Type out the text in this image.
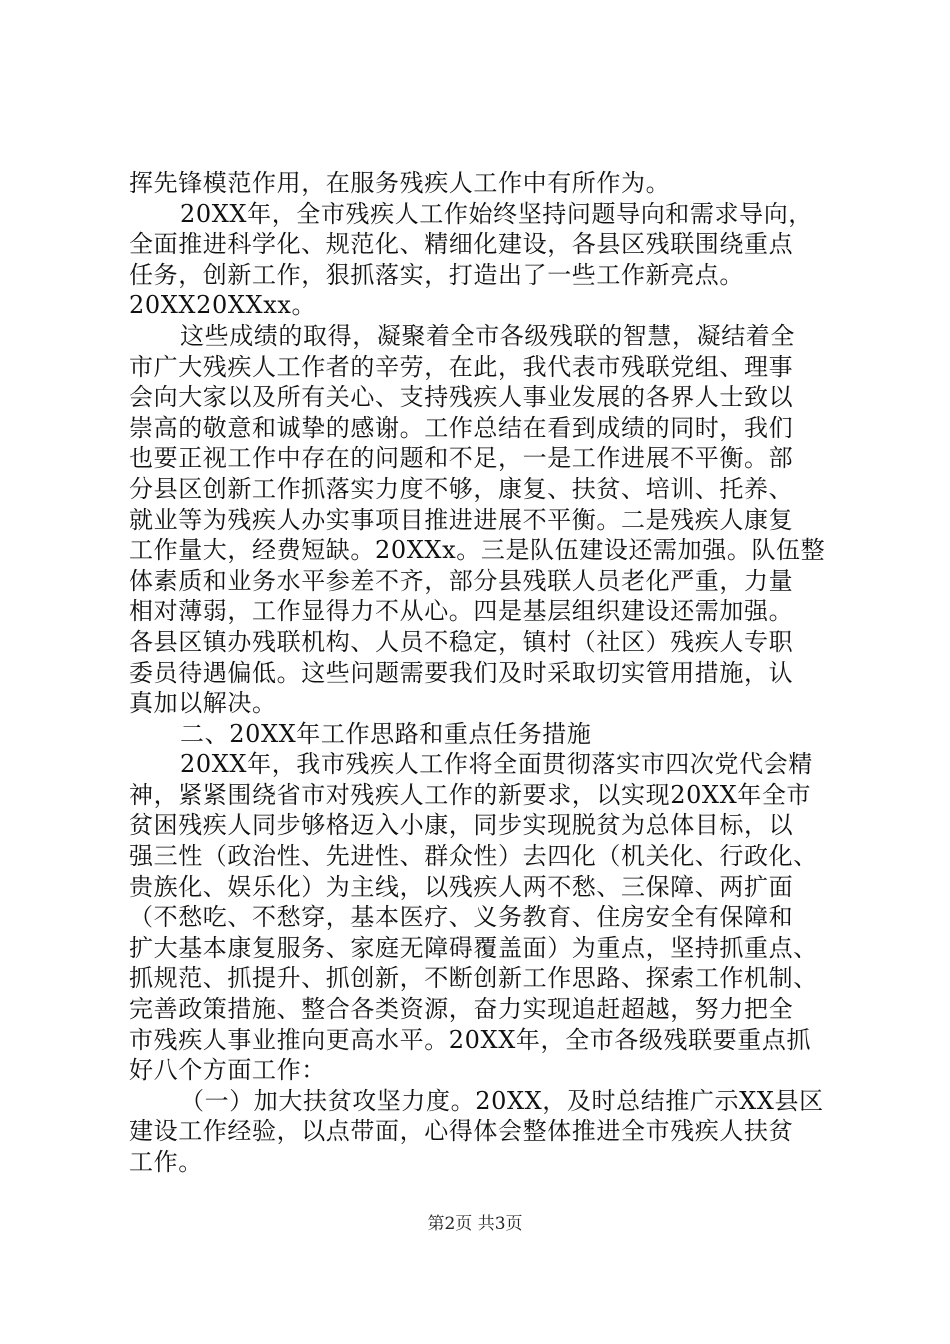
挥先锋模范作用，在服务残疾人工作中有所作为。
20XX年，全市残疾人工作始终坚持问题导向和需求导向，
全面推进科学化、规范化、精细化建设，各县区残联围绕重点
任务，创新工作，狠抓落实，打造出了一些工作新亮点。
20XX20XXxx。
这些成绩的取得，凝聚着全市各级残联的智慧，凝结着全
市广大残疾人工作者的辛劳，在此，我代表市残联党组、理事
会向大家以及所有关心、支持残疾人事业发展的各界人士致以
崇高的敬意和诚挚的感谢。工作总结在看到成绩的同时，我们
也要正视工作中存在的问题和不足，一是工作进展不平衡。部
分县区创新工作抓落实力度不够，康复、扶贫、培训、托养、
就业等为残疾人办实事项目推进进展不平衡。二是残疾人康复
工作量大，经费短缺。20XXx。三是队伍建设还需加强。队伍整
体素质和业务水平参差不齐，部分县残联人员老化严重，力量
相对薄弱，工作显得力不从心。四是基层组织建设还需加强。
各县区镇办残联机构、人员不稳定，镇村（社区）残疾人专职
委员待遇偏低。这些问题需要我们及时采取切实管用措施，认
真加以解决。
二、20XX年工作思路和重点任务措施
20XX年，我市残疾人工作将全面贯彻落实市四次党代会精
神，紧紧围绕省市对残疾人工作的新要求，以实现20XX年全市
贫困残疾人同步够格迈入小康，同步实现脱贫为总体目标，以
强三性（政治性、先进性、群众性）去四化（机关化、行政化、
贵族化、娱乐化）为主线，以残疾人两不愁、三保障、两扩面
（不愁吃、不愁穿，基本医疗、义务教育、住房安全有保障和
扩大基本康复服务、家庭无障碍覆盖面）为重点，坚持抓重点、
抓规范、抓提升、抓创新，不断创新工作思路、探索工作机制、
完善政策措施、整合各类资源，奋力实现追赶超越，努力把全
市残疾人事业推向更高水平。20XX年，全市各级残联要重点抓
好八个方面工作：
（一）加大扶贫攻坚力度。20XX，及时总结推广示XX县区
建设工作经验，以点带面，心得体会整体推进全市残疾人扶贫
工作。
第2页 共3页
